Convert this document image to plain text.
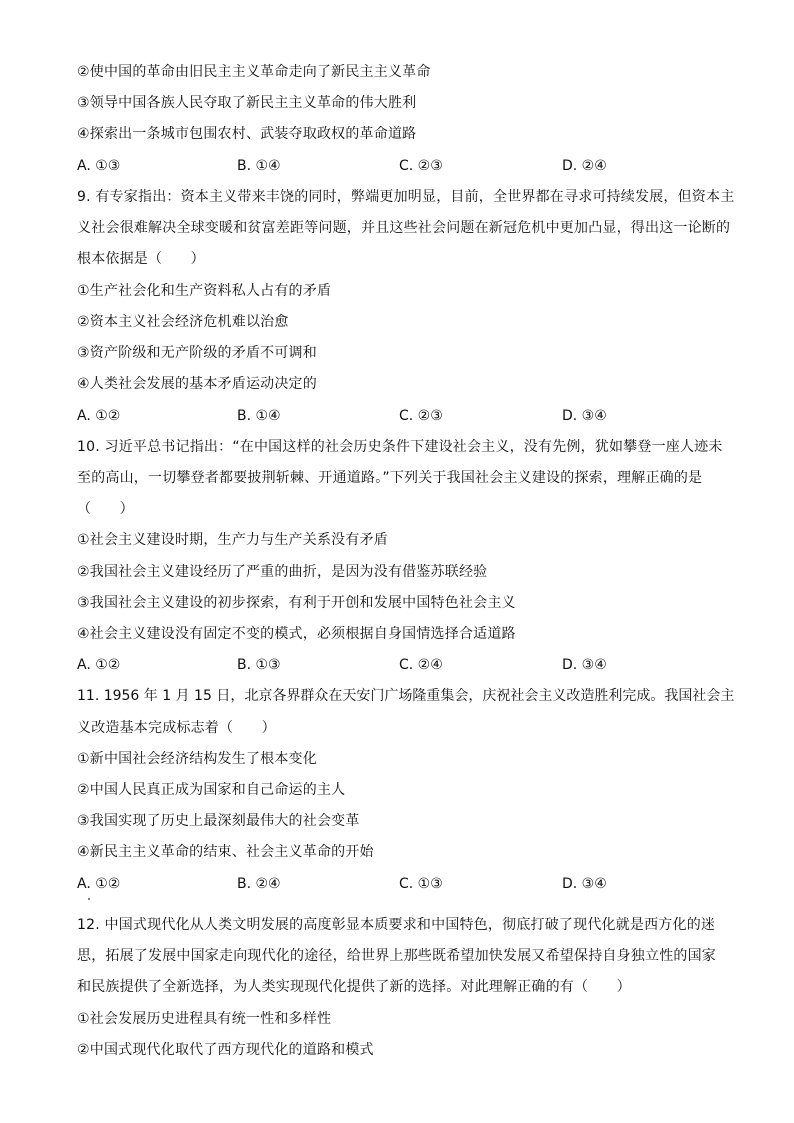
②使中国的革命由旧民主主义革命走向了新民主主义革命
③领导中国各族人民夺取了新民主主义革命的伟大胜利
④探索出一条城市包围农村、武装夺取政权的革命道路
A. ①③	B. ①④	C. ②③	D. ②④
9. 有专家指出：资本主义带来丰饶的同时，弊端更加明显，目前，全世界都在寻求可持续发展，但资本主
义社会很难解决全球变暖和贫富差距等问题，并且这些社会问题在新冠危机中更加凸显，得出这一论断的
根本依据是（　　）
①生产社会化和生产资料私人占有的矛盾
②资本主义社会经济危机难以治愈
③资产阶级和无产阶级的矛盾不可调和
④人类社会发展的基本矛盾运动决定的
A. ①②	B. ①④	C. ②③	D. ③④
10. 习近平总书记指出：“在中国这样的社会历史条件下建设社会主义，没有先例，犹如攀登一座人迹未
至的高山，一切攀登者都要披荆斩棘、开通道路。”下列关于我国社会主义建设的探索，理解正确的是
（　　）
①社会主义建设时期，生产力与生产关系没有矛盾
②我国社会主义建设经历了严重的曲折，是因为没有借鉴苏联经验
③我国社会主义建设的初步探索，有利于开创和发展中国特色社会主义
④社会主义建设没有固定不变的模式，必须根据自身国情选择合适道路
A. ①②	B. ①③	C. ②④	D. ③④
11. 1956 年 1 月 15 日，北京各界群众在天安门广场隆重集会，庆祝社会主义改造胜利完成。我国社会主
义改造基本完成标志着（　　）
①新中国社会经济结构发生了根本变化
②中国人民真正成为国家和自己命运的主人
③我国实现了历史上最深刻最伟大的社会变革
④新民主主义革命的结束、社会主义革命的开始
A. ①②	B. ②④	C. ①③	D. ③④
12. 中国式现代化从人类文明发展的高度彰显本质要求和中国特色，彻底打破了现代化就是西方化的迷
思，拓展了发展中国家走向现代化的途径，给世界上那些既希望加快发展又希望保持自身独立性的国家
和民族提供了全新选择，为人类实现现代化提供了新的选择。对此理解正确的有（　　）
①社会发展历史进程具有统一性和多样性
②中国式现代化取代了西方现代化的道路和模式
